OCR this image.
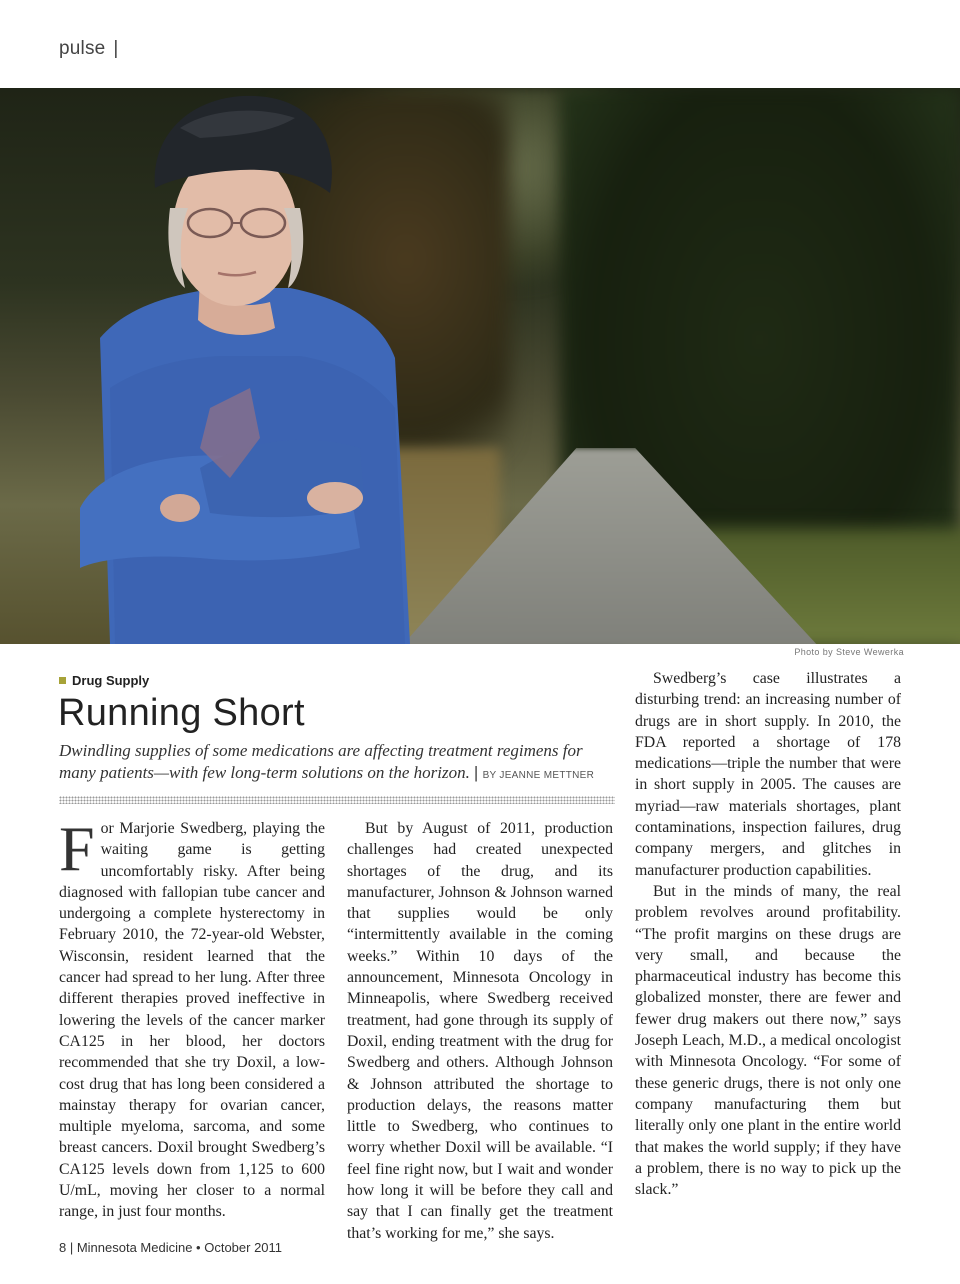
pulse |
Photo by Steve Wewerka
Drug Supply
Running Short
Dwindling supplies of some medications are affecting treatment regimens for many patients—with few long-term solutions on the horizon. | BY JEANNE METTNER

For Marjorie Swedberg, playing the waiting game is getting uncomfortably risky. After being diagnosed with fallopian tube cancer and undergoing a complete hysterectomy in February 2010, the 72-year-old Webster, Wisconsin, resident learned that the cancer had spread to her lung. After three different therapies proved ineffective in lowering the levels of the cancer marker CA125 in her blood, her doctors recommended that she try Doxil, a low-cost drug that has long been considered a mainstay therapy for ovarian cancer, multiple myeloma, sarcoma, and some breast cancers. Doxil brought Swedberg’s CA125 levels down from 1,125 to 600 U/mL, moving her closer to a normal range, in just four months.

But by August of 2011, production challenges had created unexpected shortages of the drug, and its manufacturer, Johnson & Johnson warned that supplies would be only “intermittently available in the coming weeks.” Within 10 days of the announcement, Minnesota Oncology in Minneapolis, where Swedberg received treatment, had gone through its supply of Doxil, ending treatment with the drug for Swedberg and others. Although Johnson & Johnson attributed the shortage to production delays, the reasons matter little to Swedberg, who continues to worry whether Doxil will be available. “I feel fine right now, but I wait and wonder how long it will be before they call and say that I can finally get the treatment that’s working for me,” she says.

Swedberg’s case illustrates a disturbing trend: an increasing number of drugs are in short supply. In 2010, the FDA reported a shortage of 178 medications—triple the number that were in short supply in 2005. The causes are myriad—raw materials shortages, plant contaminations, inspection failures, drug company mergers, and glitches in manufacturer production capabilities.

But in the minds of many, the real problem revolves around profitability. “The profit margins on these drugs are very small, and because the pharmaceutical industry has become this globalized monster, there are fewer and fewer drug makers out there now,” says Joseph Leach, M.D., a medical oncologist with Minnesota Oncology. “For some of these generic drugs, there is not only one company manufacturing them but literally only one plant in the entire world that makes the world supply; if they have a problem, there is no way to pick up the slack.”

8 | Minnesota Medicine • October 2011
